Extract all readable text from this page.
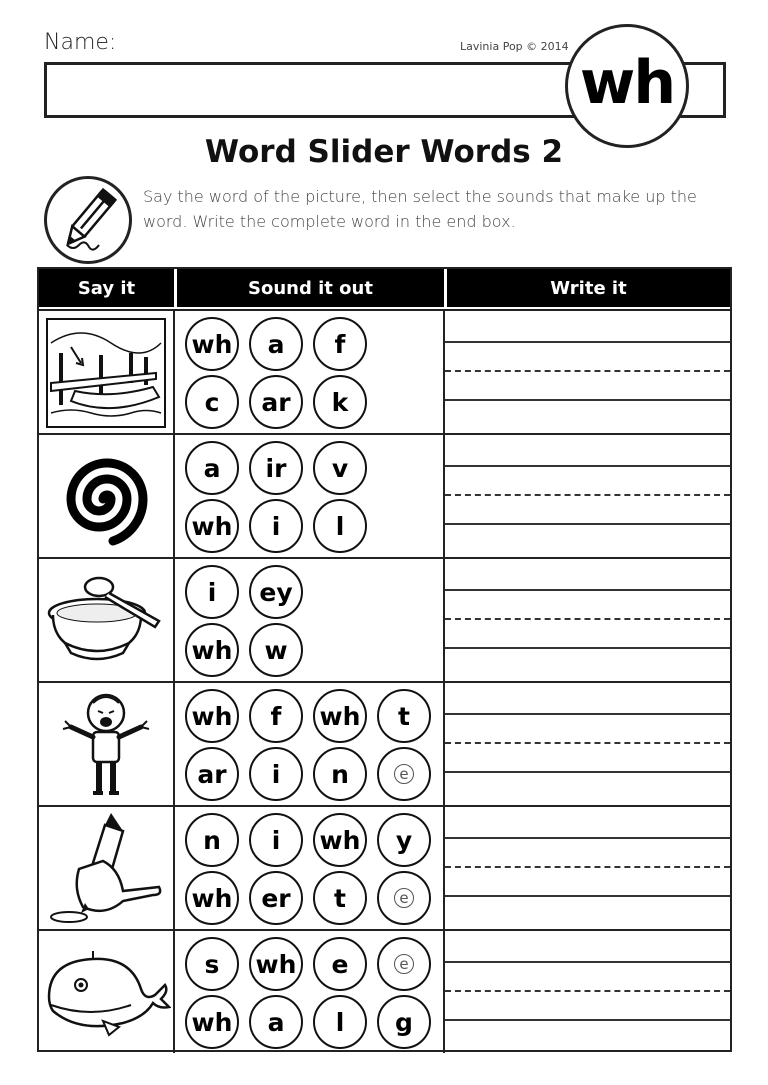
Name:	Lavinia Pop © 2014
wh
Word Slider Words 2
Say the word of the picture, then select the sounds that make up the word. Write the complete word in the end box.
Say it	Sound it out	Write it
wh	a	f
c	ar	k
a	ir	v
wh	i	l
i	ey
wh	w
wh	f	wh	t
ar	i	n	e
n	i	wh	y
wh	er	t	e
s	wh	e	e
wh	a	l	g
